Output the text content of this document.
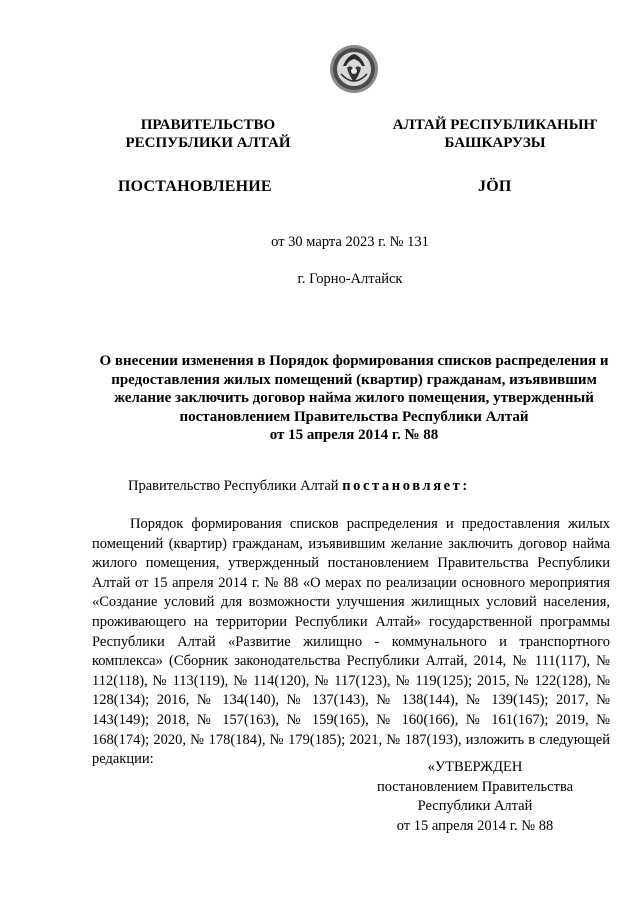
ПРАВИТЕЛЬСТВО
РЕСПУБЛИКИ АЛТАЙ
АЛТАЙ РЕСПУБЛИКАНЫҤ
БАШКАРУЗЫ
ПОСТАНОВЛЕНИЕ	JӦП
от 30 марта 2023 г. № 131
г. Горно-Алтайск
О внесении изменения в Порядок формирования списков распределения и
предоставления жилых помещений (квартир) гражданам, изъявившим
желание заключить договор найма жилого помещения, утвержденный
постановлением Правительства Республики Алтай
от 15 апреля 2014 г. № 88
Правительство Республики Алтай постановляет:
Порядок формирования списков распределения и предоставления жилых помещений (квартир) гражданам, изъявившим желание заключить договор найма жилого помещения, утвержденный постановлением Правительства Республики Алтай от 15 апреля 2014 г. № 88 «О мерах по реализации основного мероприятия «Создание условий для возможности улучшения жилищных условий населения, проживающего на территории Республики Алтай» государственной программы Республики Алтай «Развитие жилищно - коммунального и транспортного комплекса» (Сборник законодательства Республики Алтай, 2014, № 111(117), № 112(118), № 113(119), № 114(120), № 117(123), № 119(125); 2015, № 122(128), № 128(134); 2016, № 134(140), № 137(143), № 138(144), № 139(145); 2017, № 143(149); 2018, № 157(163), № 159(165), № 160(166), № 161(167); 2019, № 168(174); 2020, № 178(184), № 179(185); 2021, № 187(193), изложить в следующей редакции:	«УТВЕРЖДЕН
постановлением Правительства
Республики Алтай
от 15 апреля 2014 г. № 88
